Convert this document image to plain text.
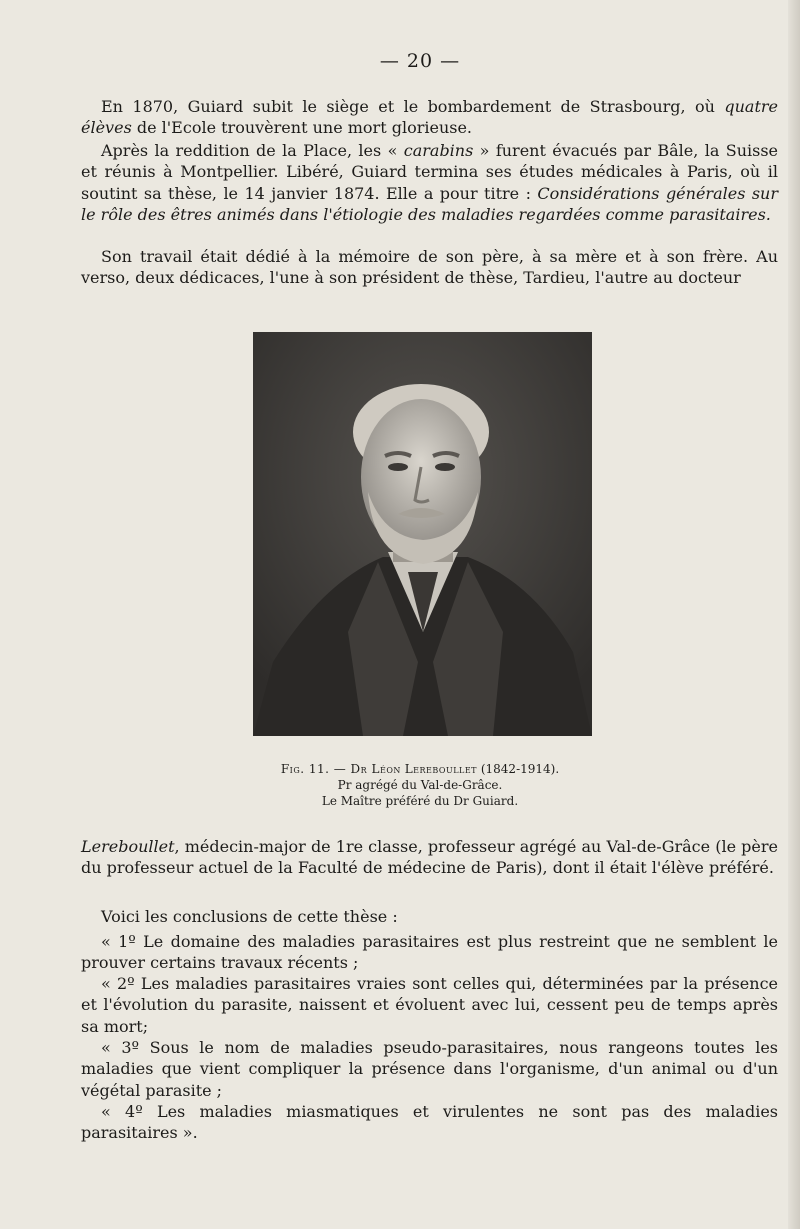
— 20 —

En 1870, Guiard subit le siège et le bombardement de Strasbourg, où quatre élèves de l'Ecole trouvèrent une mort glorieuse.

Après la reddition de la Place, les « carabins » furent évacués par Bâle, la Suisse et réunis à Montpellier. Libéré, Guiard termina ses études médicales à Paris, où il soutint sa thèse, le 14 janvier 1874. Elle a pour titre : Considérations générales sur le rôle des êtres animés dans l'étiologie des maladies regardées comme parasitaires.

Son travail était dédié à la mémoire de son père, à sa mère et à son frère. Au verso, deux dédicaces, l'une à son président de thèse, Tardieu, l'autre au docteur

Fig. 11. — Dr Léon Lereboullet (1842-1914).
Pr agrégé du Val-de-Grâce.
Le Maître préféré du Dr Guiard.

Lereboullet, médecin-major de 1re classe, professeur agrégé au Val-de-Grâce (le père du professeur actuel de la Faculté de médecine de Paris), dont il était l'élève préféré.

Voici les conclusions de cette thèse :

« 1º Le domaine des maladies parasitaires est plus restreint que ne semblent le prouver certains travaux récents ;

« 2º Les maladies parasitaires vraies sont celles qui, déterminées par la présence et l'évolution du parasite, naissent et évoluent avec lui, cessent peu de temps après sa mort;

« 3º Sous le nom de maladies pseudo-parasitaires, nous rangeons toutes les maladies que vient compliquer la présence dans l'organisme, d'un animal ou d'un végétal parasite ;

« 4º Les maladies miasmatiques et virulentes ne sont pas des maladies parasitaires ».
